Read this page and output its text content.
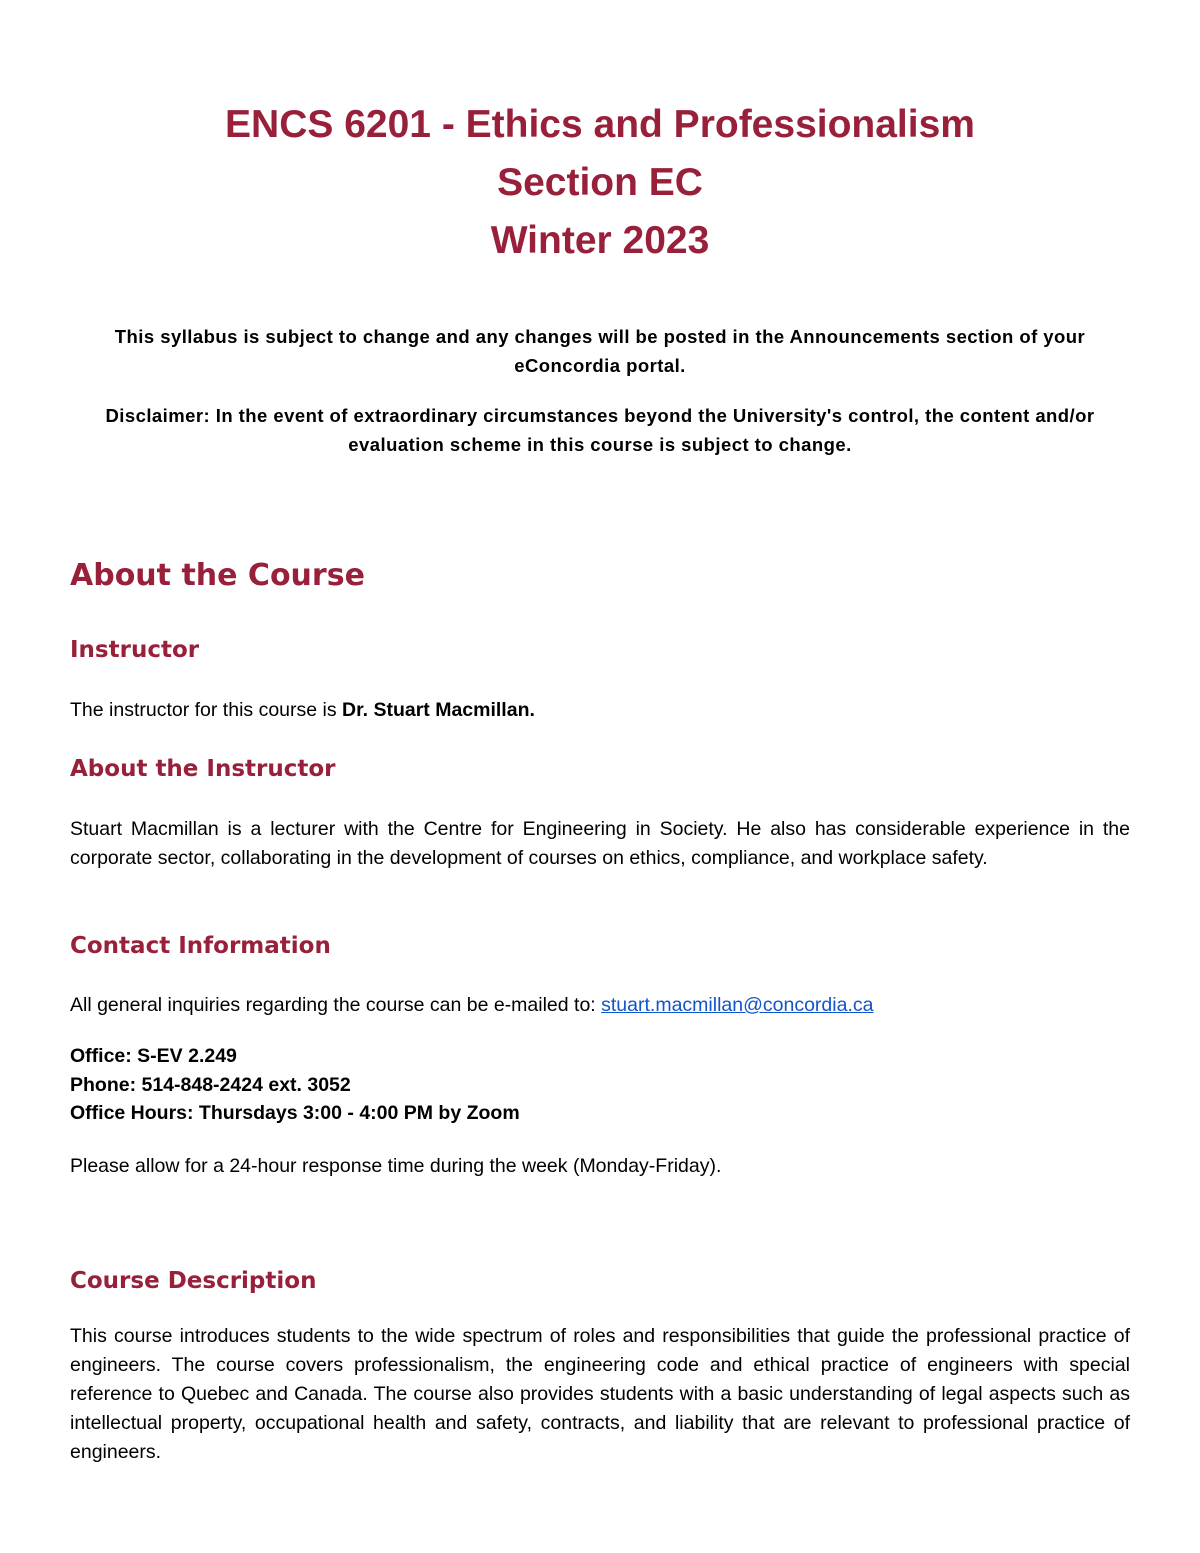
ENCS 6201 - Ethics and Professionalism
Section EC
Winter 2023
This syllabus is subject to change and any changes will be posted in the Announcements section of your eConcordia portal.
Disclaimer: In the event of extraordinary circumstances beyond the University's control, the content and/or evaluation scheme in this course is subject to change.
About the Course
Instructor
The instructor for this course is Dr. Stuart Macmillan.
About the Instructor
Stuart Macmillan is a lecturer with the Centre for Engineering in Society. He also has considerable experience in the corporate sector, collaborating in the development of courses on ethics, compliance, and workplace safety.
Contact Information
All general inquiries regarding the course can be e-mailed to: stuart.macmillan@concordia.ca
Office: S-EV 2.249
Phone: 514-848-2424 ext. 3052
Office Hours: Thursdays 3:00 - 4:00 PM by Zoom
Please allow for a 24-hour response time during the week (Monday-Friday).
Course Description
This course introduces students to the wide spectrum of roles and responsibilities that guide the professional practice of engineers. The course covers professionalism, the engineering code and ethical practice of engineers with special reference to Quebec and Canada. The course also provides students with a basic understanding of legal aspects such as intellectual property, occupational health and safety, contracts, and liability that are relevant to professional practice of engineers.
